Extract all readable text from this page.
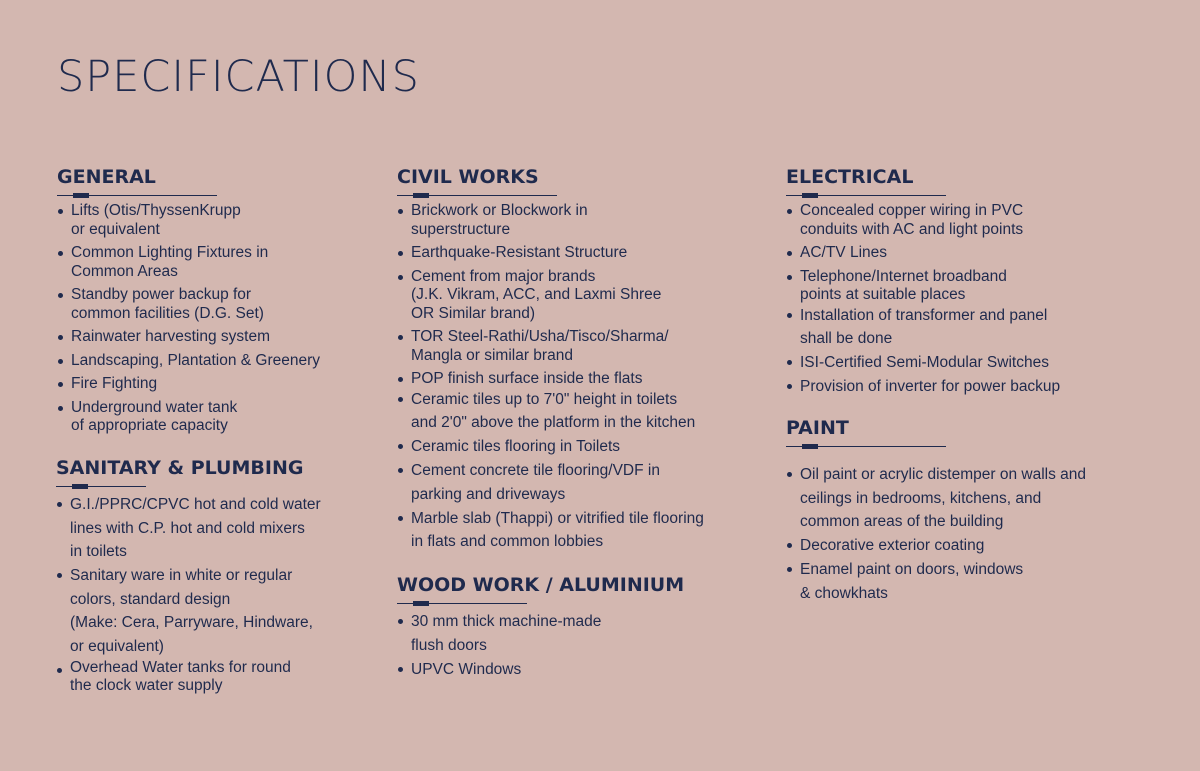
SPECIFICATIONS
GENERAL
Lifts (Otis/ThyssenKrupp
or equivalent
Common Lighting Fixtures in
Common Areas
Standby power backup for
common facilities (D.G. Set)
Rainwater harvesting system
Landscaping, Plantation & Greenery
Fire Fighting
Underground water tank
of appropriate capacity
SANITARY & PLUMBING
G.I./PPRC/CPVC hot and cold water
lines with C.P. hot and cold mixers
in toilets
Sanitary ware in white or regular
colors, standard design
(Make: Cera, Parryware, Hindware,
or equivalent)
Overhead Water tanks for round
the clock water supply
CIVIL WORKS
Brickwork or Blockwork in
superstructure
Earthquake-Resistant Structure
Cement from major brands
(J.K. Vikram, ACC, and Laxmi Shree
OR Similar brand)
TOR Steel-Rathi/Usha/Tisco/Sharma/
Mangla or similar brand
POP finish surface inside the flats
Ceramic tiles up to 7'0" height in toilets
and 2'0" above the platform in the kitchen
Ceramic tiles flooring in Toilets
Cement concrete tile flooring/VDF in
parking and driveways
Marble slab (Thappi) or vitrified tile flooring
in flats and common lobbies
WOOD WORK / ALUMINIUM
30 mm thick machine-made
flush doors
UPVC Windows
ELECTRICAL
Concealed copper wiring in PVC
conduits with AC and light points
AC/TV Lines
Telephone/Internet broadband
points at suitable places
Installation of transformer and panel
shall be done
ISI-Certified Semi-Modular Switches
Provision of inverter for power backup
PAINT
Oil paint or acrylic distemper on walls and
ceilings in bedrooms, kitchens, and
common areas of the building
Decorative exterior coating
Enamel paint on doors, windows
& chowkhats
